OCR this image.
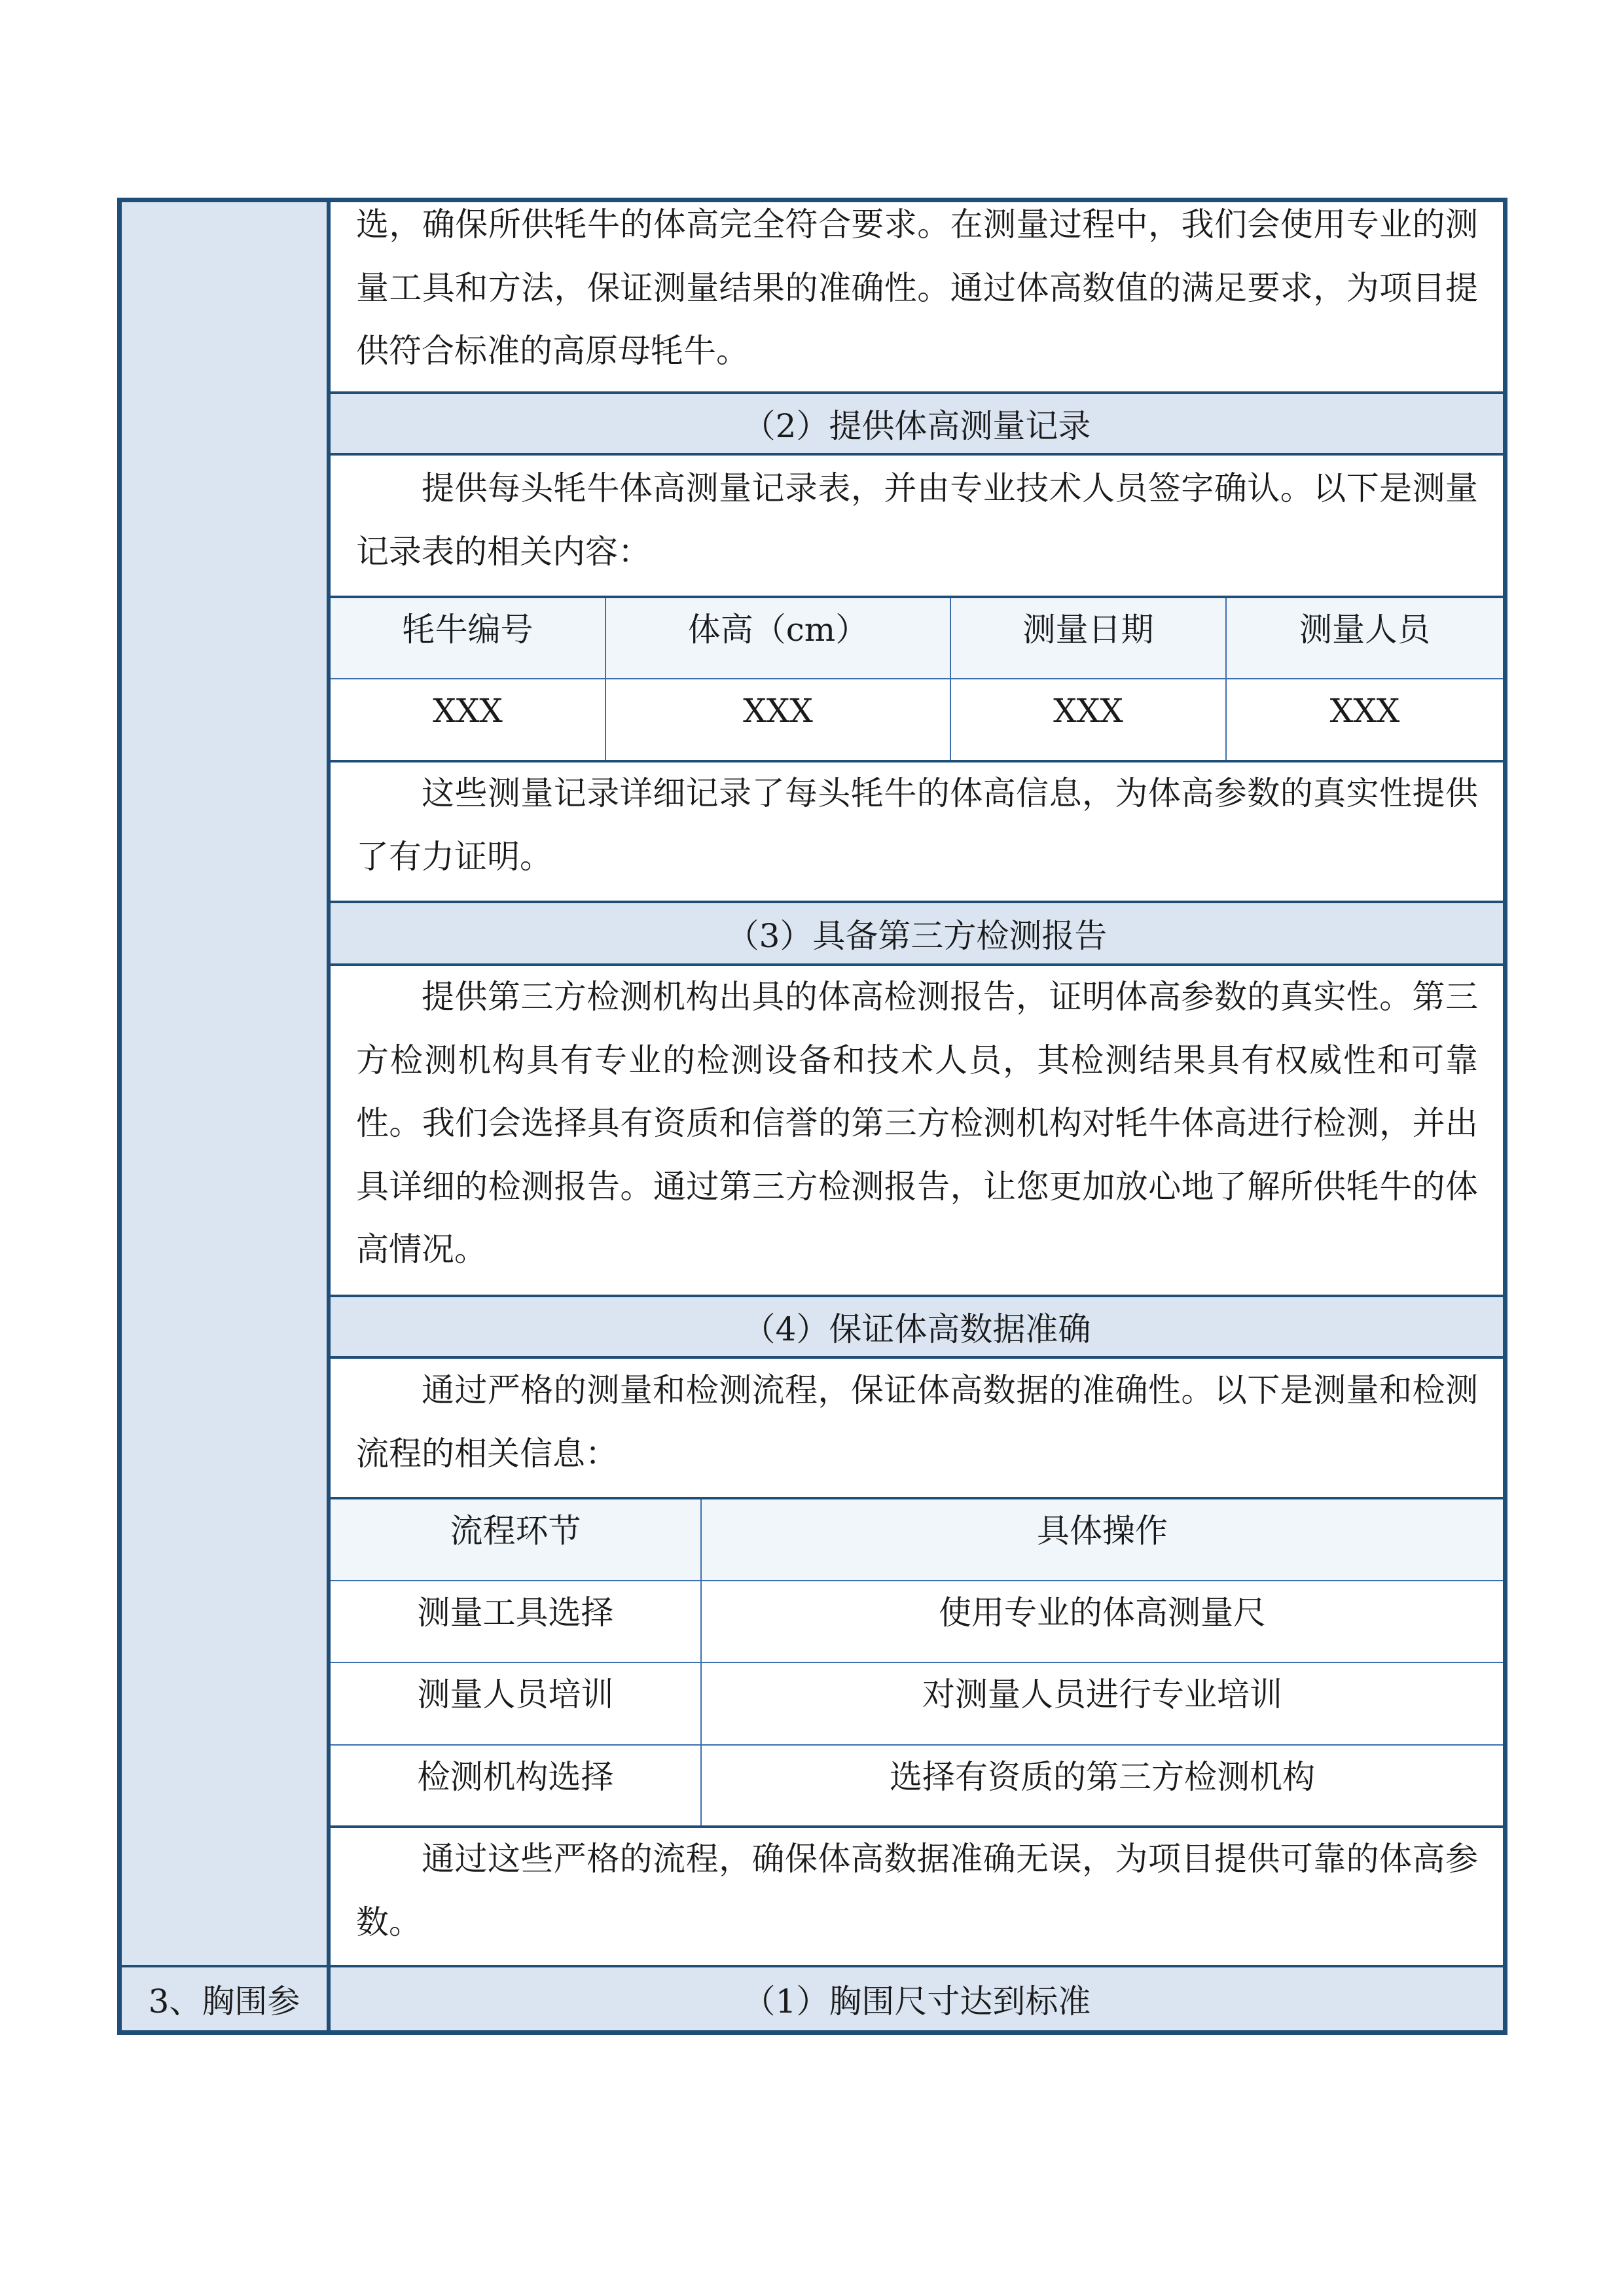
（2）提供体高测量记录
（3）具备第三方检测报告
（4）保证体高数据准确
（1）胸围尺寸达到标准
3、胸围参
选，确保所供牦牛的体高完全符合要求。在测量过程中，我们会使用专业的测
量工具和方法，保证测量结果的准确性。通过体高数值的满足要求，为项目提
供符合标准的高原母牦牛。
提供每头牦牛体高测量记录表，并由专业技术人员签字确认。以下是测量
记录表的相关内容：
牦牛编号	体高（cm）	测量日期	测量人员
XXX	XXX	XXX	XXX
这些测量记录详细记录了每头牦牛的体高信息，为体高参数的真实性提供
了有力证明。
提供第三方检测机构出具的体高检测报告，证明体高参数的真实性。第三
方检测机构具有专业的检测设备和技术人员，其检测结果具有权威性和可靠
性。我们会选择具有资质和信誉的第三方检测机构对牦牛体高进行检测，并出
具详细的检测报告。通过第三方检测报告，让您更加放心地了解所供牦牛的体
高情况。
通过严格的测量和检测流程，保证体高数据的准确性。以下是测量和检测
流程的相关信息：
流程环节	具体操作
测量工具选择	使用专业的体高测量尺
测量人员培训	对测量人员进行专业培训
检测机构选择	选择有资质的第三方检测机构
通过这些严格的流程，确保体高数据准确无误，为项目提供可靠的体高参
数。
